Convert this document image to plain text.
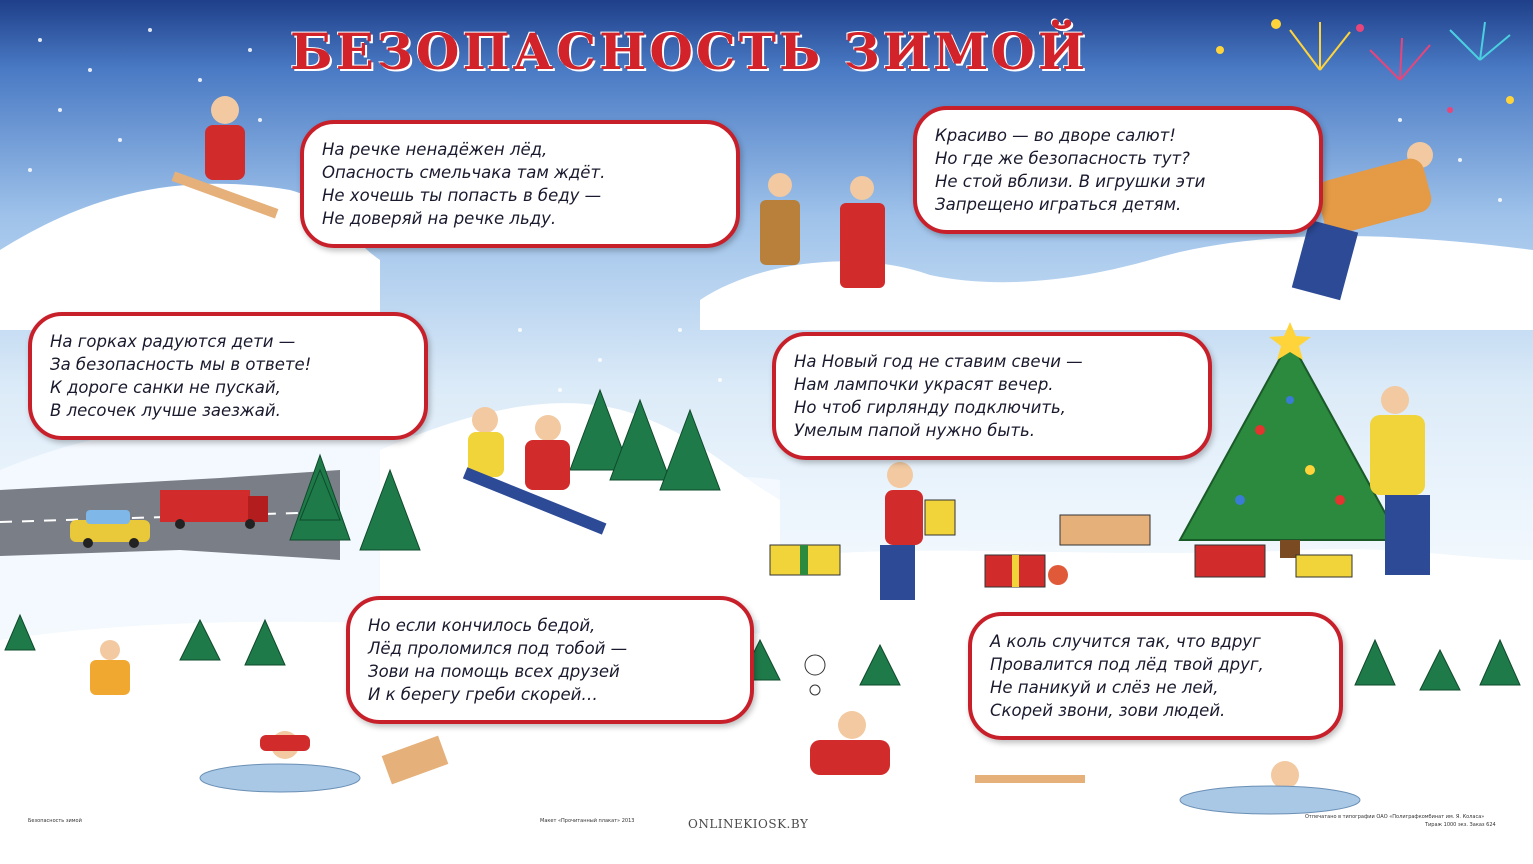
БЕЗОПАСНОСТЬ ЗИМОЙ
На речке ненадёжен лёд,
Опасность смельчака там ждёт.
Не хочешь ты попасть в беду —
Не доверяй на речке льду.
Красиво — во дворе салют!
Но где же безопасность тут?
Не стой вблизи. В игрушки эти
Запрещено играться детям.
На горках радуются дети —
За безопасность мы в ответе!
К дороге санки не пускай,
В лесочек лучше заезжай.
На Новый год не ставим свечи —
Нам лампочки украсят вечер.
Но чтоб гирлянду подключить,
Умелым папой нужно быть.
Но если кончилось бедой,
Лёд проломился под тобой —
Зови на помощь всех друзей
И к берегу греби скорей…
А коль случится так, что вдруг
Провалится под лёд твой друг,
Не паникуй и слёз не лей,
Скорей звони, зови людей.
Безопасность зимой	Макет «Прочитанный плакат» 2013
Отпечатано в типографии ОАО «Полиграфкомбинат им. Я. Коласа»
Тираж 1000 экз. Заказ 624
ONLINEKIOSK.BY
